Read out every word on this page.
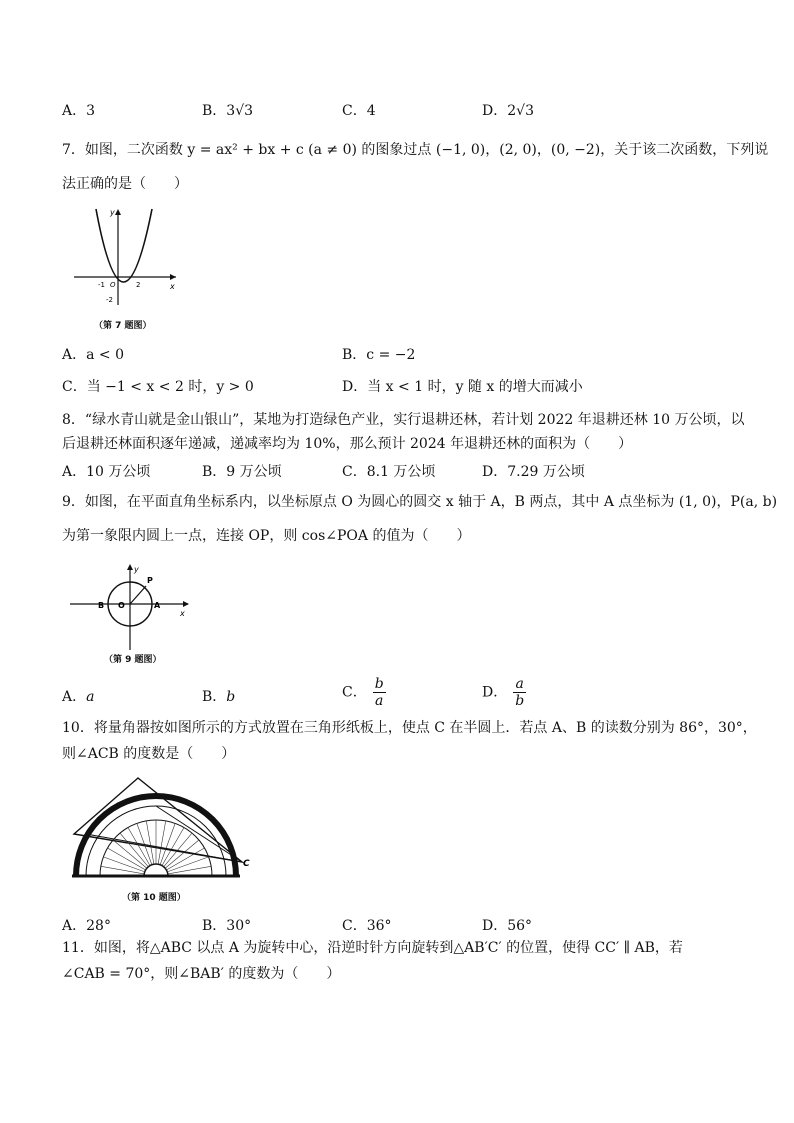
A．3	B．3√3	C．4	D．2√3
7．如图，二次函数 y = ax² + bx + c (a ≠ 0) 的图象过点 (−1, 0)，(2, 0)，(0, −2)，关于该二次函数，下列说
法正确的是（　　）
y
x
-1 O	2
-2
（第 7 题图）
A．a < 0	B．c = −2
C．当 −1 < x < 2 时，y > 0	D．当 x < 1 时，y 随 x 的增大而减小
8．“绿水青山就是金山银山”，某地为打造绿色产业，实行退耕还林，若计划 2022 年退耕还林 10 万公顷，以
后退耕还林面积逐年递减，递减率均为 10%，那么预计 2024 年退耕还林的面积为（　　）
A．10 万公顷	B．9 万公顷	C．8.1 万公顷	D．7.29 万公顷
9．如图，在平面直角坐标系内，以坐标原点 O 为圆心的圆交 x 轴于 A，B 两点，其中 A 点坐标为 (1, 0)，P(a, b)
为第一象限内圆上一点，连接 OP，则 cos∠POA 的值为（　　）
y
x
P
B O	A
（第 9 题图）
A．a	B．b	C． $\frac{b}{a}$	D． $\frac{a}{b}$
10．将量角器按如图所示的方式放置在三角形纸板上，使点 C 在半圆上．若点 A、B 的读数分别为 86°，30°，
则∠ACB 的度数是（　　）
C
（第 10 题图）
A．28°	B．30°	C．36°	D．56°
11．如图，将△ABC 以点 A 为旋转中心，沿逆时针方向旋转到△AB′C′ 的位置，使得 CC′ ∥ AB，若
∠CAB = 70°，则∠BAB′ 的度数为（　　）
